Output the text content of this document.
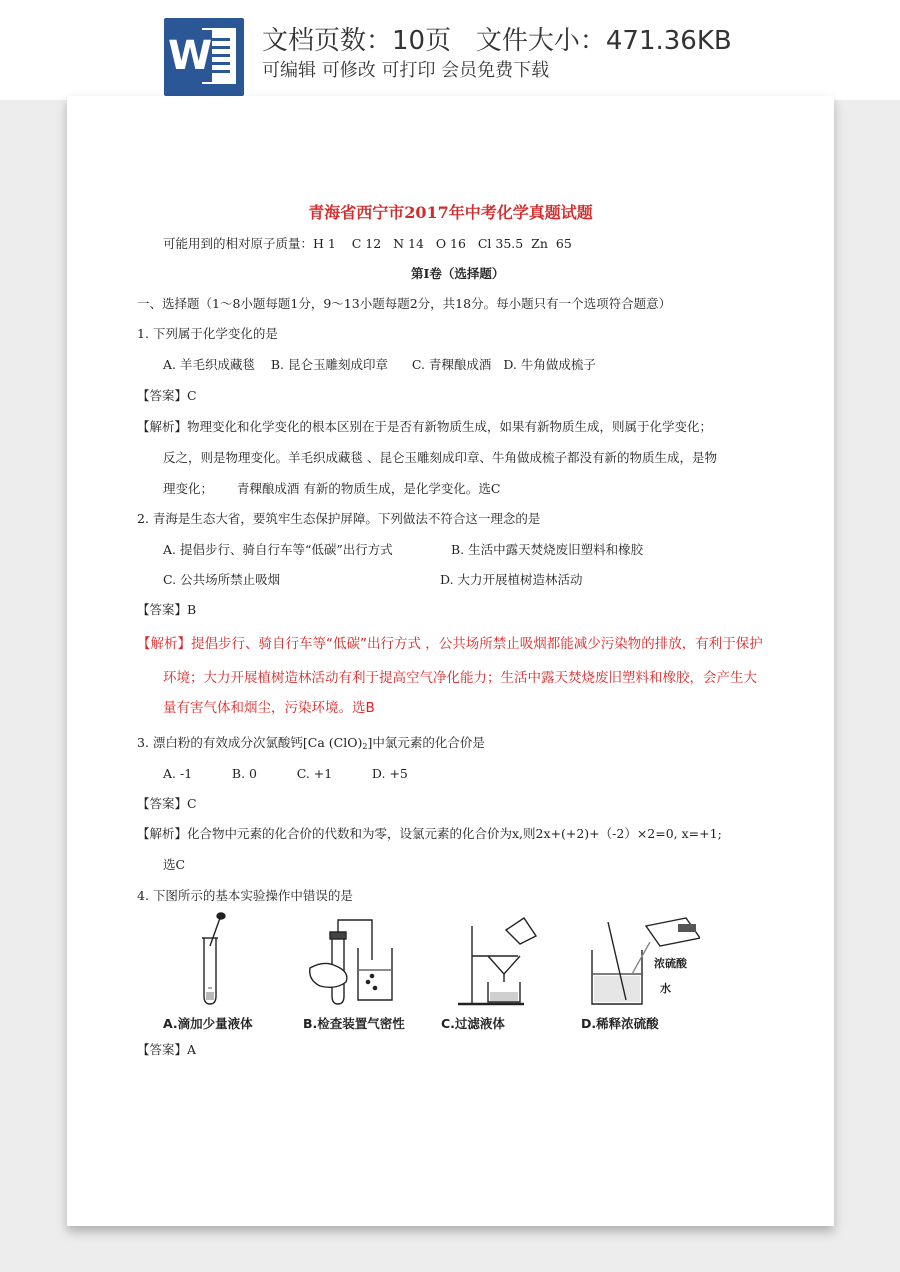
W 文档页数：10页   文件大小：471.36KB
可编辑 可修改 可打印 会员免费下载
青海省西宁市2017年中考化学真题试题
可能用到的相对原子质量：H 1    C 12   N 14   O 16   Cl 35.5  Zn  65
第Ⅰ卷（选择题）
一、选择题（1～8小题每题1分，9～13小题每题2分，共18分。每小题只有一个选项符合题意）
1. 下列属于化学变化的是
A. 羊毛织成藏毯    B. 昆仑玉雕刻成印章      C. 青稞酿成酒   D. 牛角做成梳子
【答案】C
【解析】物理变化和化学变化的根本区别在于是否有新物质生成，如果有新物质生成，则属于化学变化；
反之，则是物理变化。羊毛织成藏毯 、昆仑玉雕刻成印章、牛角做成梳子都没有新的物质生成，是物
理变化；      青稞酿成酒 有新的物质生成，是化学变化。选C
2. 青海是生态大省，要筑牢生态保护屏障。下列做法不符合这一理念的是
A. 提倡步行、骑自行车等“低碳”出行方式	B. 生活中露天焚烧废旧塑料和橡胶
C. 公共场所禁止吸烟	D. 大力开展植树造林活动
【答案】B
【解析】提倡步行、骑自行车等“低碳”出行方式 ，公共场所禁止吸烟都能减少污染物的排放，有利于保护
环境；大力开展植树造林活动有利于提高空气净化能力；生活中露天焚烧废旧塑料和橡胶，会产生大
量有害气体和烟尘，污染环境。选B
3. 漂白粉的有效成分次氯酸钙[Ca $(ClO)_2$]中氯元素的化合价是
A. -1          B. 0          C. +1          D. +5
【答案】C
【解析】化合物中元素的化合价的代数和为零，设氯元素的化合价为x,则2x+(+2)+（-2）×2=0, x=+1;
选C
4. 下图所示的基本实验操作中错误的是
浓硫酸
水
A.滴加少量液体	B.检查装置气密性	C.过滤液体	D.稀释浓硫酸
【答案】A
